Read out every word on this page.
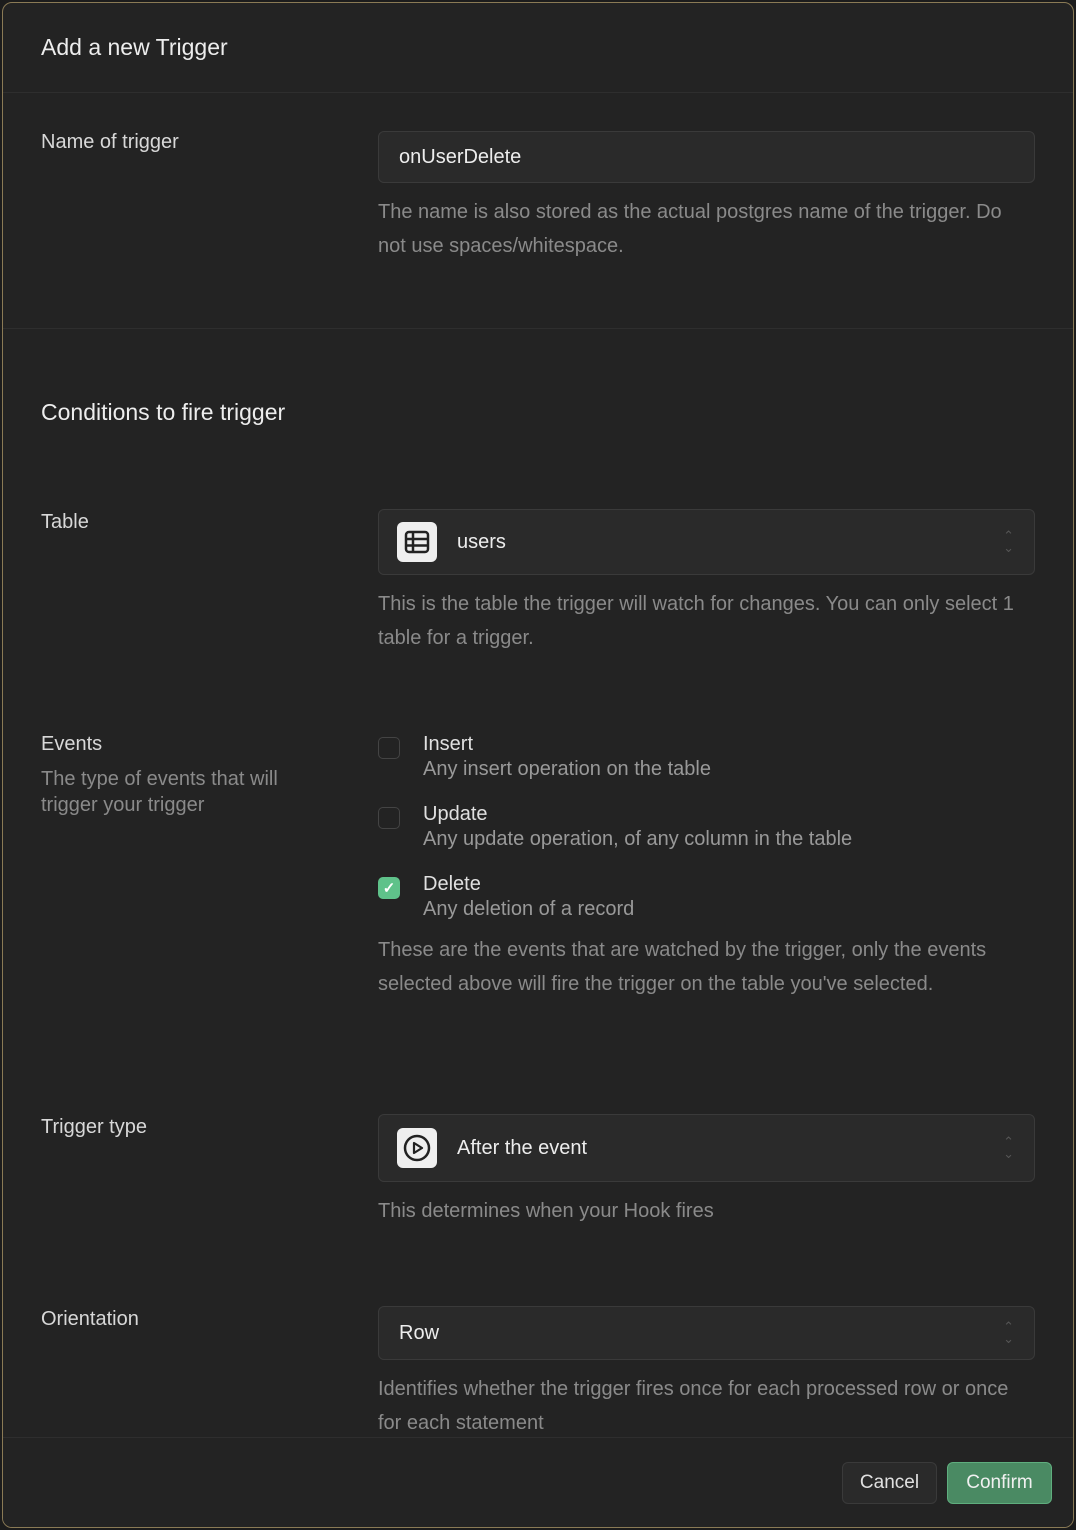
Add a new Trigger
Name of trigger
onUserDelete
The name is also stored as the actual postgres name of the trigger. Do not use spaces/whitespace.
Conditions to fire trigger
Table
users	⌃
⌄
This is the table the trigger will watch for changes. You can only select 1 table for a trigger.
Events
The type of events that will trigger your trigger
Insert
Any insert operation on the table
Update
Any update operation, of any column in the table
✓ Delete
Any deletion of a record
These are the events that are watched by the trigger, only the events selected above will fire the trigger on the table you've selected.
Trigger type
After the event	⌃
⌄
This determines when your Hook fires
Orientation
Row	⌃
⌄
Identifies whether the trigger fires once for each processed row or once for each statement
Cancel	Confirm
